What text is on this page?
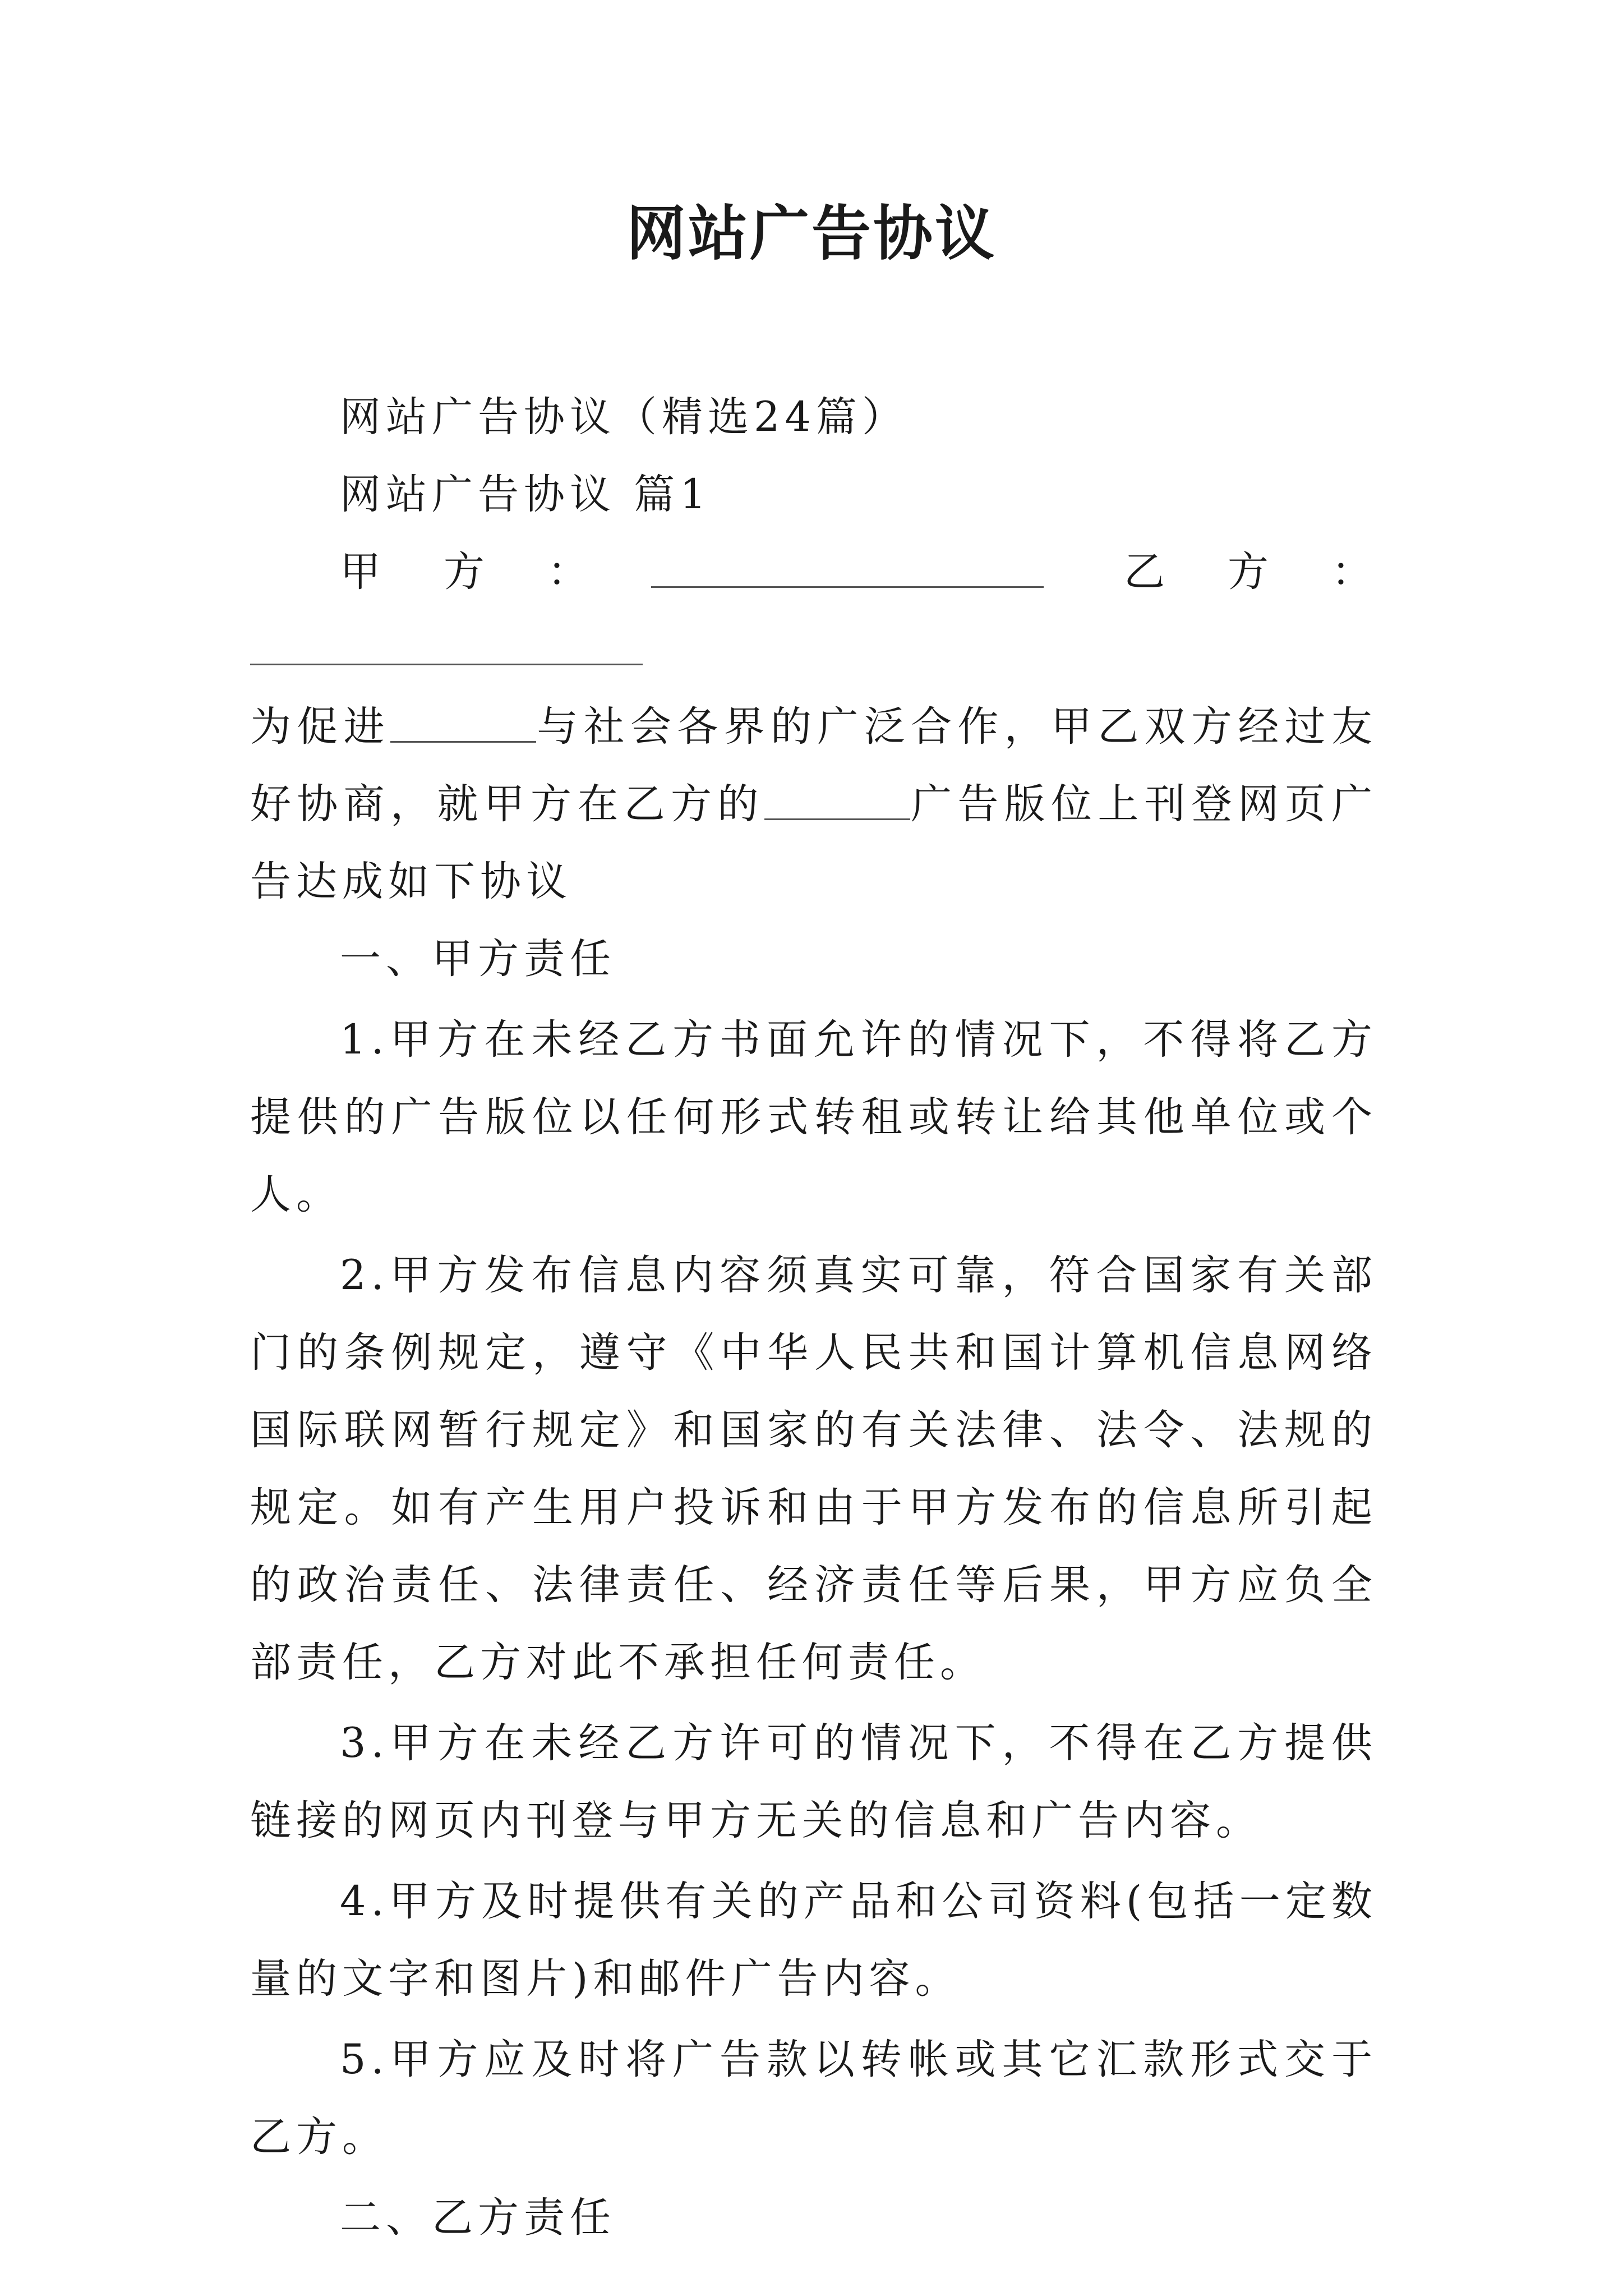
网站广告协议

网站广告协议（精选24篇）

网站广告协议 篇1

甲方：	乙方：

为促进	与社会各界的广泛合作，甲乙双方经过友好协商，就甲方在乙方的	广告版位上刊登网页广告达成如下协议

一、甲方责任

1.甲方在未经乙方书面允许的情况下，不得将乙方提供的广告版位以任何形式转租或转让给其他单位或个人。

2.甲方发布信息内容须真实可靠，符合国家有关部门的条例规定，遵守《中华人民共和国计算机信息网络国际联网暂行规定》和国家的有关法律、法令、法规的规定。如有产生用户投诉和由于甲方发布的信息所引起的政治责任、法律责任、经济责任等后果，甲方应负全部责任，乙方对此不承担任何责任。

3.甲方在未经乙方许可的情况下，不得在乙方提供链接的网页内刊登与甲方无关的信息和广告内容。

4.甲方及时提供有关的产品和公司资料(包括一定数量的文字和图片)和邮件广告内容。

5.甲方应及时将广告款以转帐或其它汇款形式交于乙方。

二、乙方责任
